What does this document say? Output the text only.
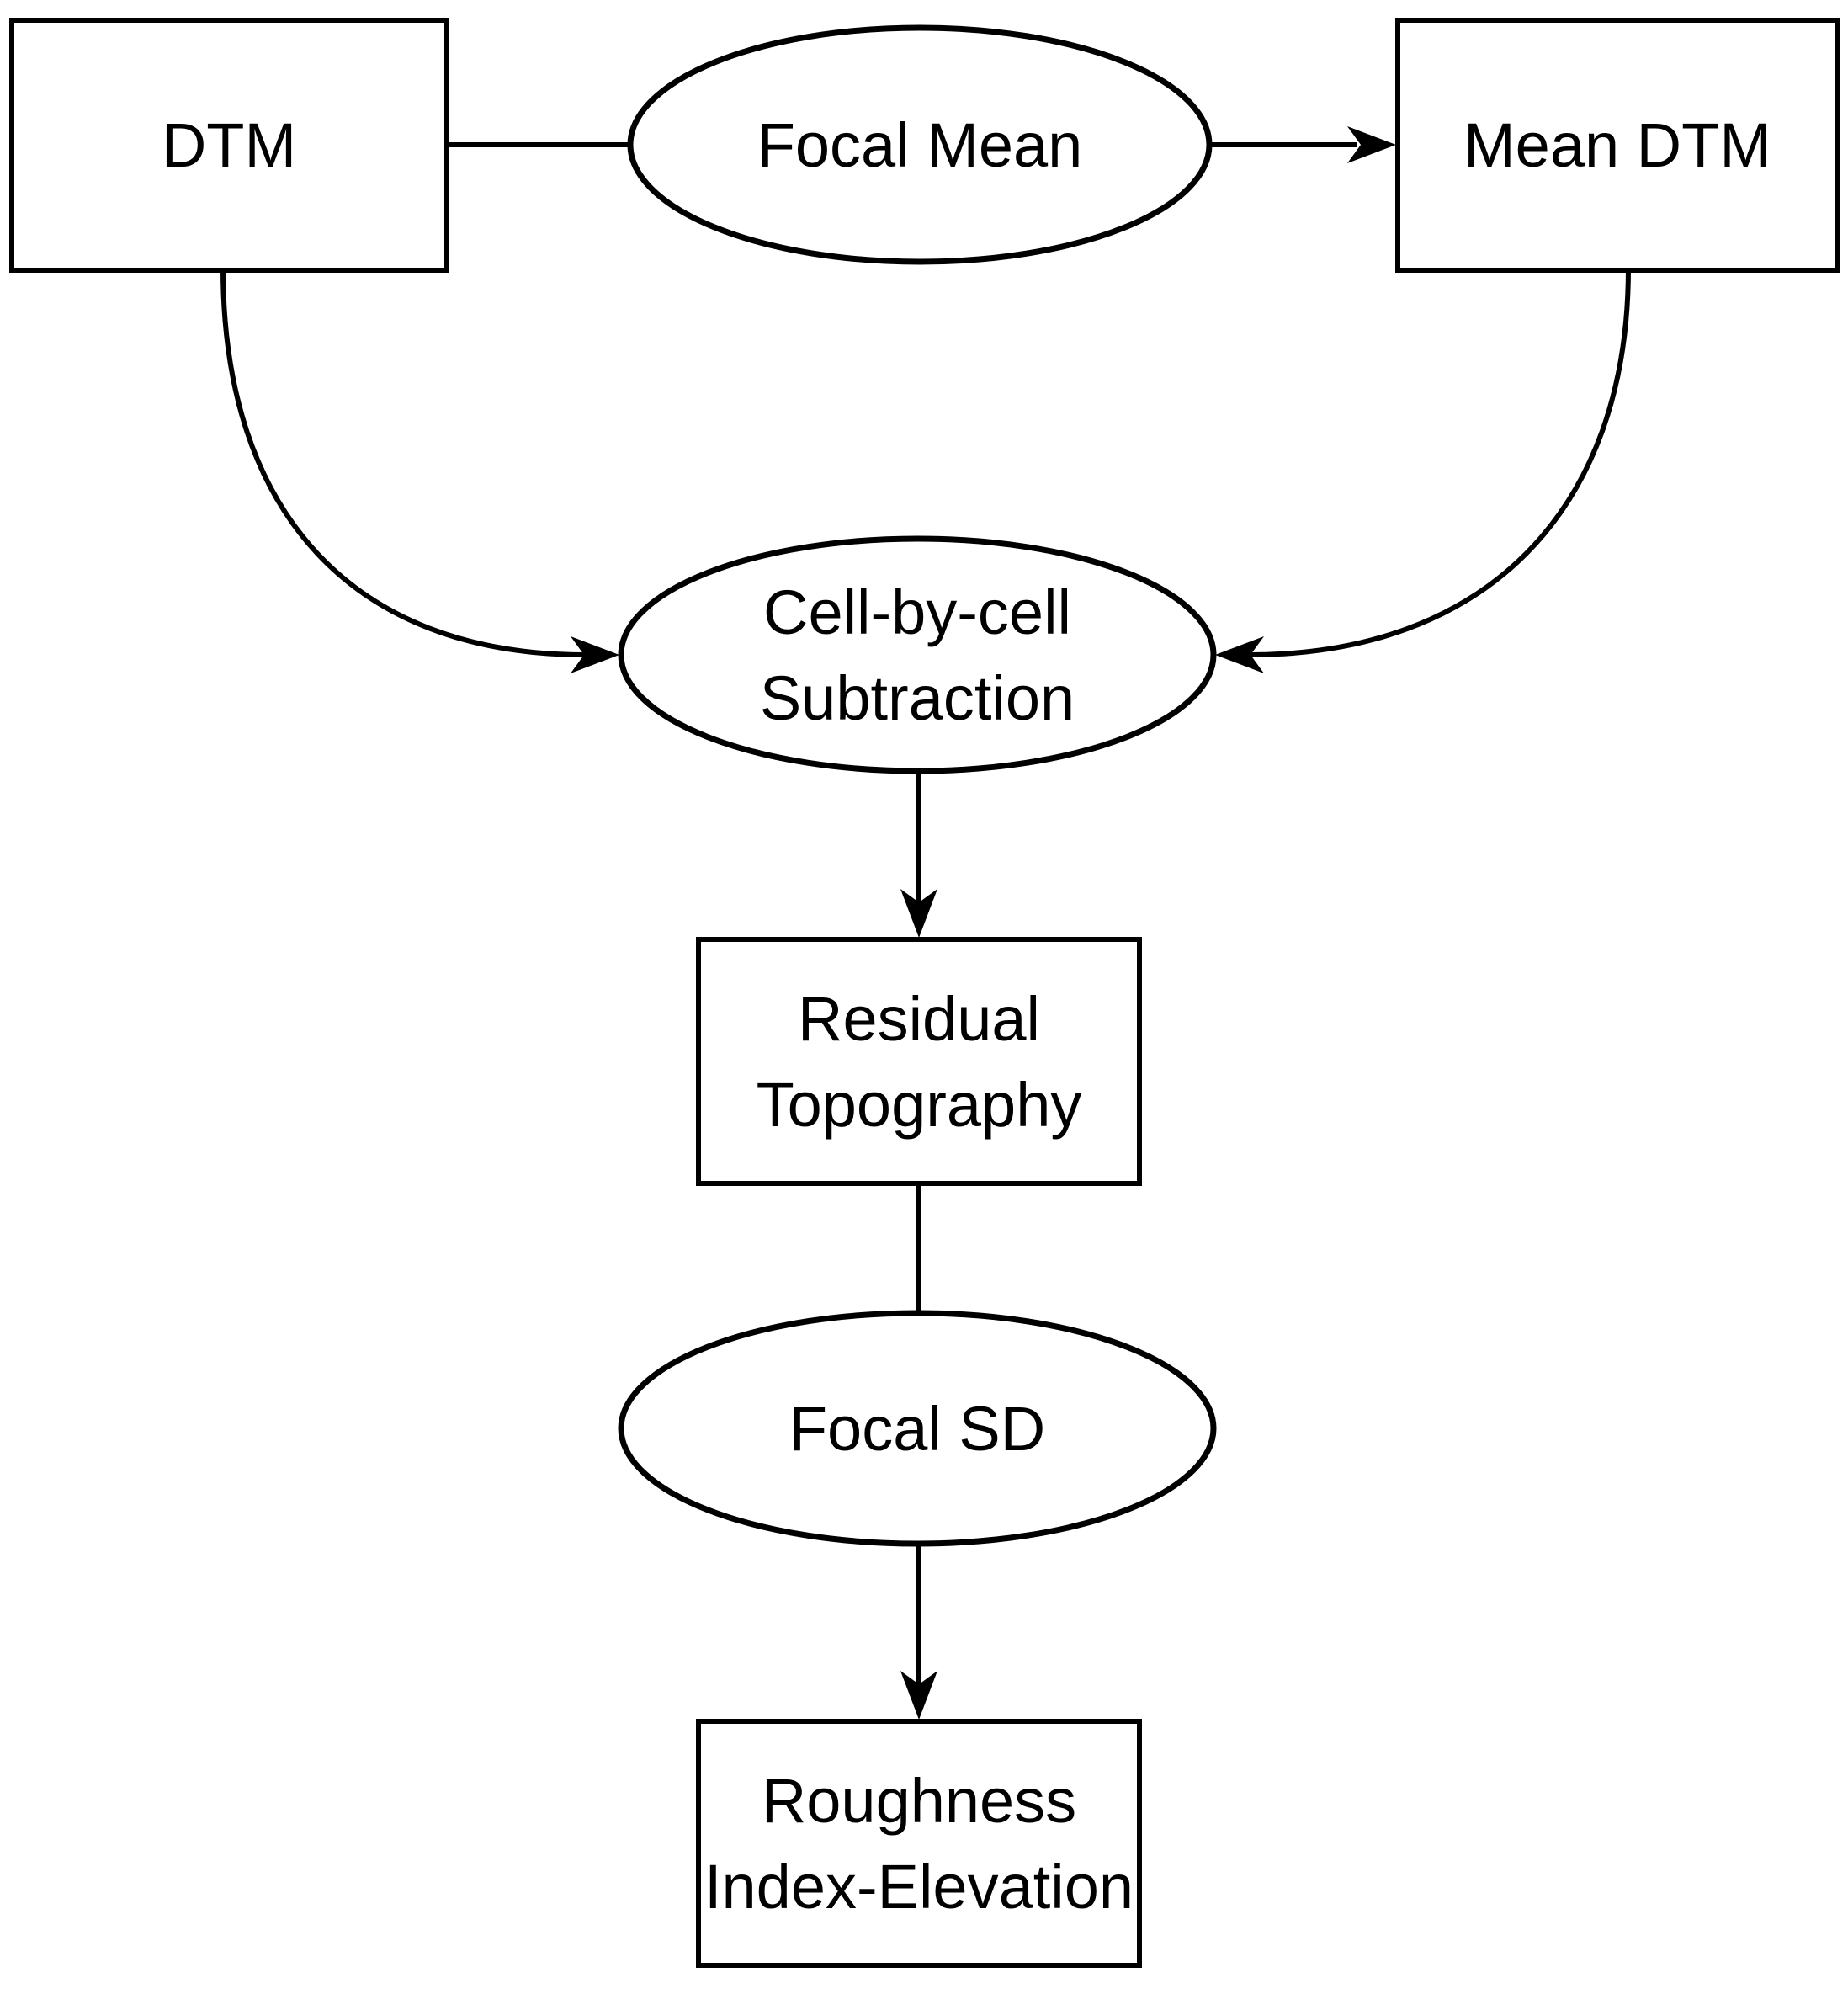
DTM	Focal Mean	Mean DTM
Cell-by-cell
Subtraction
Residual
Topography
Focal SD
Roughness
Index-Elevation
